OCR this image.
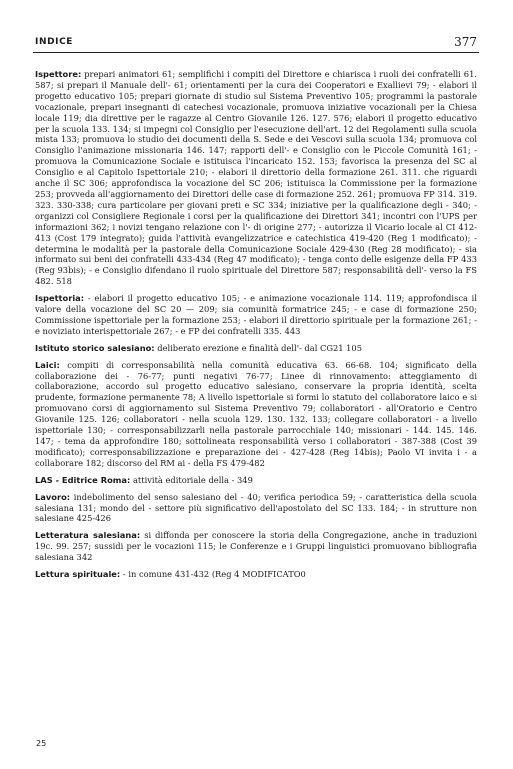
INDICE	377

Ispettore: prepari animatori 61; semplifichi i compiti del Direttore e chiarisca i ruoli dei confratelli 61. 587; si prepari il Manuale dell'- 61; orientamenti per la cura dei Cooperatori e Exallievi 79; - elabori il progetto educativo 105; prepari giornate di studio sul Sistema Preventivo 105; programmi la pastorale vocazionale, prepari insegnanti di catechesi vocazionale, promuova iniziative vocazionali per la Chiesa locale 119; dia direttive per le ragazze al Centro Giovanile 126. 127. 576; elabori il progetto educativo per la scuola 133. 134; si impegni col Consiglio per l'esecuzione dell'art. 12 dei Regolamenti sulla scuola mista 133; promuova lo studio dei documenti della S. Sede e dei Vescovi sulla scuola 134; promuova col Consiglio l'animazione missionaria 146. 147; rapporti dell'- e Consiglio con le Piccole Comunità 161; - promuova la Comunicazione Sociale e istituisca l'incaricato 152. 153; favorisca la presenza del SC al Consiglio e al Capitolo Ispettoriale 210; - elabori il direttorio della formazione 261. 311. che riguardi anche il SC 306; approfondisca la vocazione del SC 206; istituisca la Commissione per la formazione 253; provveda all'aggiornamento dei Direttori delle case di formazione 252. 261; promuova FP 314. 319. 323. 330-338; cura particolare per giovani preti e SC 334; iniziative per la qualificazione degli - 340; - organizzi col Consigliere Regionale i corsi per la qualificazione dei Direttori 341; incontri con l'UPS per informazioni 362; i novizi tengano relazione con l'- di origine 277; - autorizza il Vicario locale al CI 412-413 (Cost 179 integrato); guida l'attività evangelizzatrice e catechistica 419-420 (Reg 1 modificato); - determina le modalità per la pastorale della Comunicazione Sociale 429-430 (Reg 28 modificato); - sia informato sui beni dei confratelli 433-434 (Reg 47 modificato); - tenga conto delle esigenze della FP 433 (Reg 93bis); - e Consiglio difendano il ruolo spirituale del Direttore 587; responsabilità dell'- verso la FS 482. 518

Ispettoria: - elabori il progetto educativo 105; - e animazione vocazionale 114. 119; approfondisca il valore della vocazione del SC 20 — 209; sia comunità formatrice 245; - e case di formazione 250; Commissione ispettoriale per la formazione 253; - elabori il direttorio spirituale per la formazione 261; - e noviziato interispettoriale 267; - e FP dei confratelli 335. 443

Istituto storico salesiano: deliberato erezione e finalità dell'- dal CG21 105

Laici: compiti di corresponsabilità nella comunità educativa 63. 66-68. 104; significato della collaborazione dei - 76-77; punti negativi 76-77; Linee di rinnovamento: atteggiamento di collaborazione, accordo sul progetto educativo salesiano, conservare la propria identità, scelta prudente, formazione permanente 78; A livello ispettoriale si formi lo statuto del collaboratore laico e si promuovano corsi di aggiornamento sul Sistema Preventivo 79; collaboratori - all'Oratorio e Centro Giovanile 125. 126; collaboratori - nella scuola 129. 130. 132. 133; collegare collaboratori - a livello ispettoriale 130; - corresponsabilizzarli nella pastorale parrocchiale 140; missionari - 144. 145. 146. 147; - tema da approfondire 180; sottolineata responsabilità verso i collaboratori - 387-388 (Cost 39 modificato); corresponsabilizzazione e preparazione dei - 427-428 (Reg 14bis); Paolo VI invita i - a collaborare 182; discorso del RM ai - della FS 479-482

LAS - Editrice Roma: attività editoriale della - 349

Lavoro: indebolimento del senso salesiano del - 40; verifica periodica 59; - caratteristica della scuola salesiana 131; mondo del - settore più significativo dell'apostolato del SC 133. 184; - in strutture non salesiane 425-426

Letteratura salesiana: si diffonda per conoscere la storia della Congregazione, anche in traduzioni 19c. 99. 257; sussidi per le vocazioni 115; le Conferenze e i Gruppi linguistici promuovano bibliografia salesiana 342

Lettura spirituale: - in comune 431-432 (Reg 4 MODIFICATO0

25
